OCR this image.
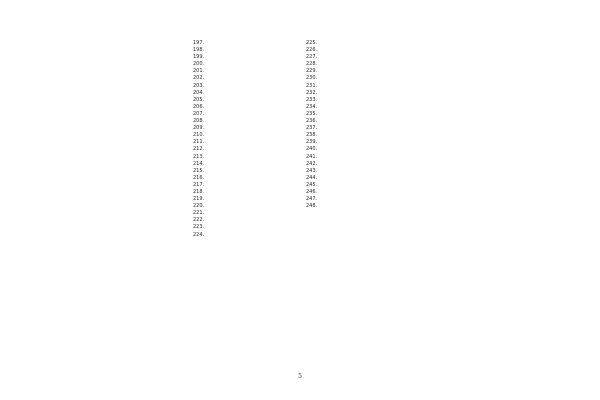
197.
198.
199.
200.
201.
202.
203.
204.
205.
206.
207.
208.
209.
210.
211.
212.
213.
214.
215.
216.
217.
218.
219.
220.
221.
222.
223.
224.
225.
226.
227.
228.
229.
230.
231.
232.
233.
234.
235.
236.
237.
238.
239.
240.
241.
242.
243.
244.
245.
246.
247.
248.
5
